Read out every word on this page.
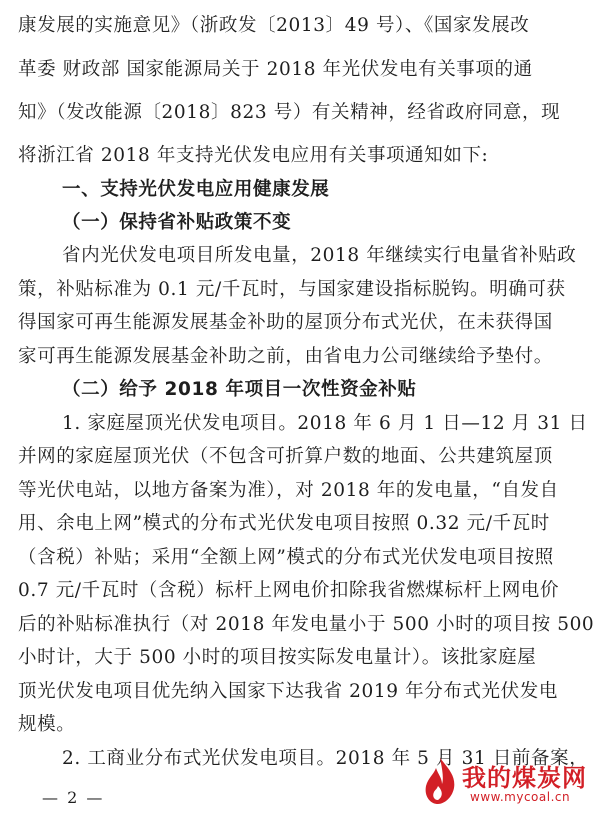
康发展的实施意见》（浙政发〔2013〕49 号）、《国家发展改
革委 财政部 国家能源局关于 2018 年光伏发电有关事项的通
知》（发改能源〔2018〕823 号）有关精神，经省政府同意，现
将浙江省 2018 年支持光伏发电应用有关事项通知如下:
一、支持光伏发电应用健康发展
（一）保持省补贴政策不变
省内光伏发电项目所发电量，2018 年继续实行电量省补贴政
策，补贴标准为 0.1 元/千瓦时，与国家建设指标脱钩。明确可获
得国家可再生能源发展基金补助的屋顶分布式光伏，在未获得国
家可再生能源发展基金补助之前，由省电力公司继续给予垫付。
（二）给予 2018 年项目一次性资金补贴
1. 家庭屋顶光伏发电项目。2018 年 6 月 1 日—12 月 31 日
并网的家庭屋顶光伏（不包含可折算户数的地面、公共建筑屋顶
等光伏电站，以地方备案为准），对 2018 年的发电量，“自发自
用、余电上网”模式的分布式光伏发电项目按照 0.32 元/千瓦时
（含税）补贴；采用“全额上网”模式的分布式光伏发电项目按照
0.7 元/千瓦时（含税）标杆上网电价扣除我省燃煤标杆上网电价
后的补贴标准执行（对 2018 年发电量小于 500 小时的项目按 500
小时计，大于 500 小时的项目按实际发电量计）。该批家庭屋
顶光伏发电项目优先纳入国家下达我省 2019 年分布式光伏发电
规模。
2. 工商业分布式光伏发电项目。2018 年 5 月 31 日前备案，
— 2 —
我的煤炭网
www.mycoal.cn
